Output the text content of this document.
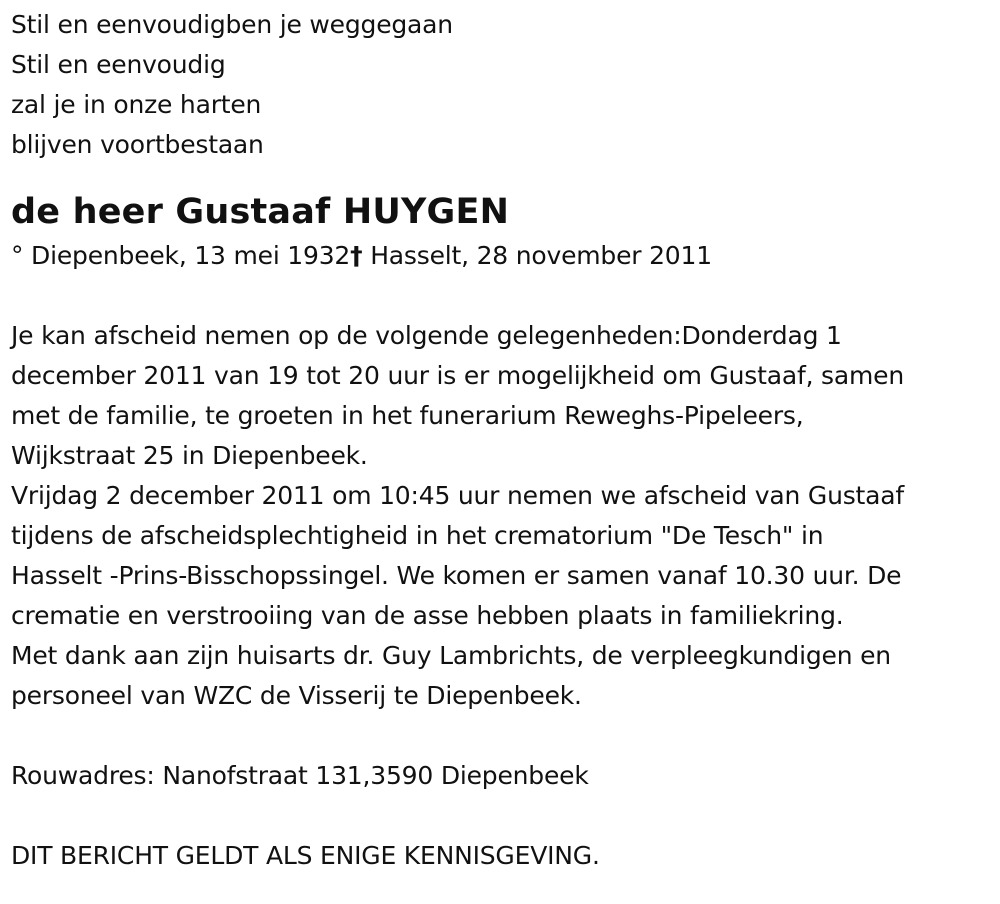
Stil en eenvoudigben je weggegaan
Stil en eenvoudig
zal je in onze harten
blijven voortbestaan
de heer Gustaaf HUYGEN
° Diepenbeek, 13 mei 1932† Hasselt, 28 november 2011
Je kan afscheid nemen op de volgende gelegenheden:Donderdag 1
december 2011 van 19 tot 20 uur is er mogelijkheid om Gustaaf, samen
met de familie, te groeten in het funerarium Reweghs-Pipeleers,
Wijkstraat 25 in Diepenbeek.
Vrijdag 2 december 2011 om 10:45 uur nemen we afscheid van Gustaaf
tijdens de afscheidsplechtigheid in het crematorium "De Tesch" in
Hasselt -Prins-Bisschopssingel. We komen er samen vanaf 10.30 uur. De
crematie en verstrooiing van de asse hebben plaats in familiekring.
Met dank aan zijn huisarts dr. Guy Lambrichts, de verpleegkundigen en
personeel van WZC de Visserij te Diepenbeek.
Rouwadres: Nanofstraat 131,3590 Diepenbeek
DIT BERICHT GELDT ALS ENIGE KENNISGEVING.
